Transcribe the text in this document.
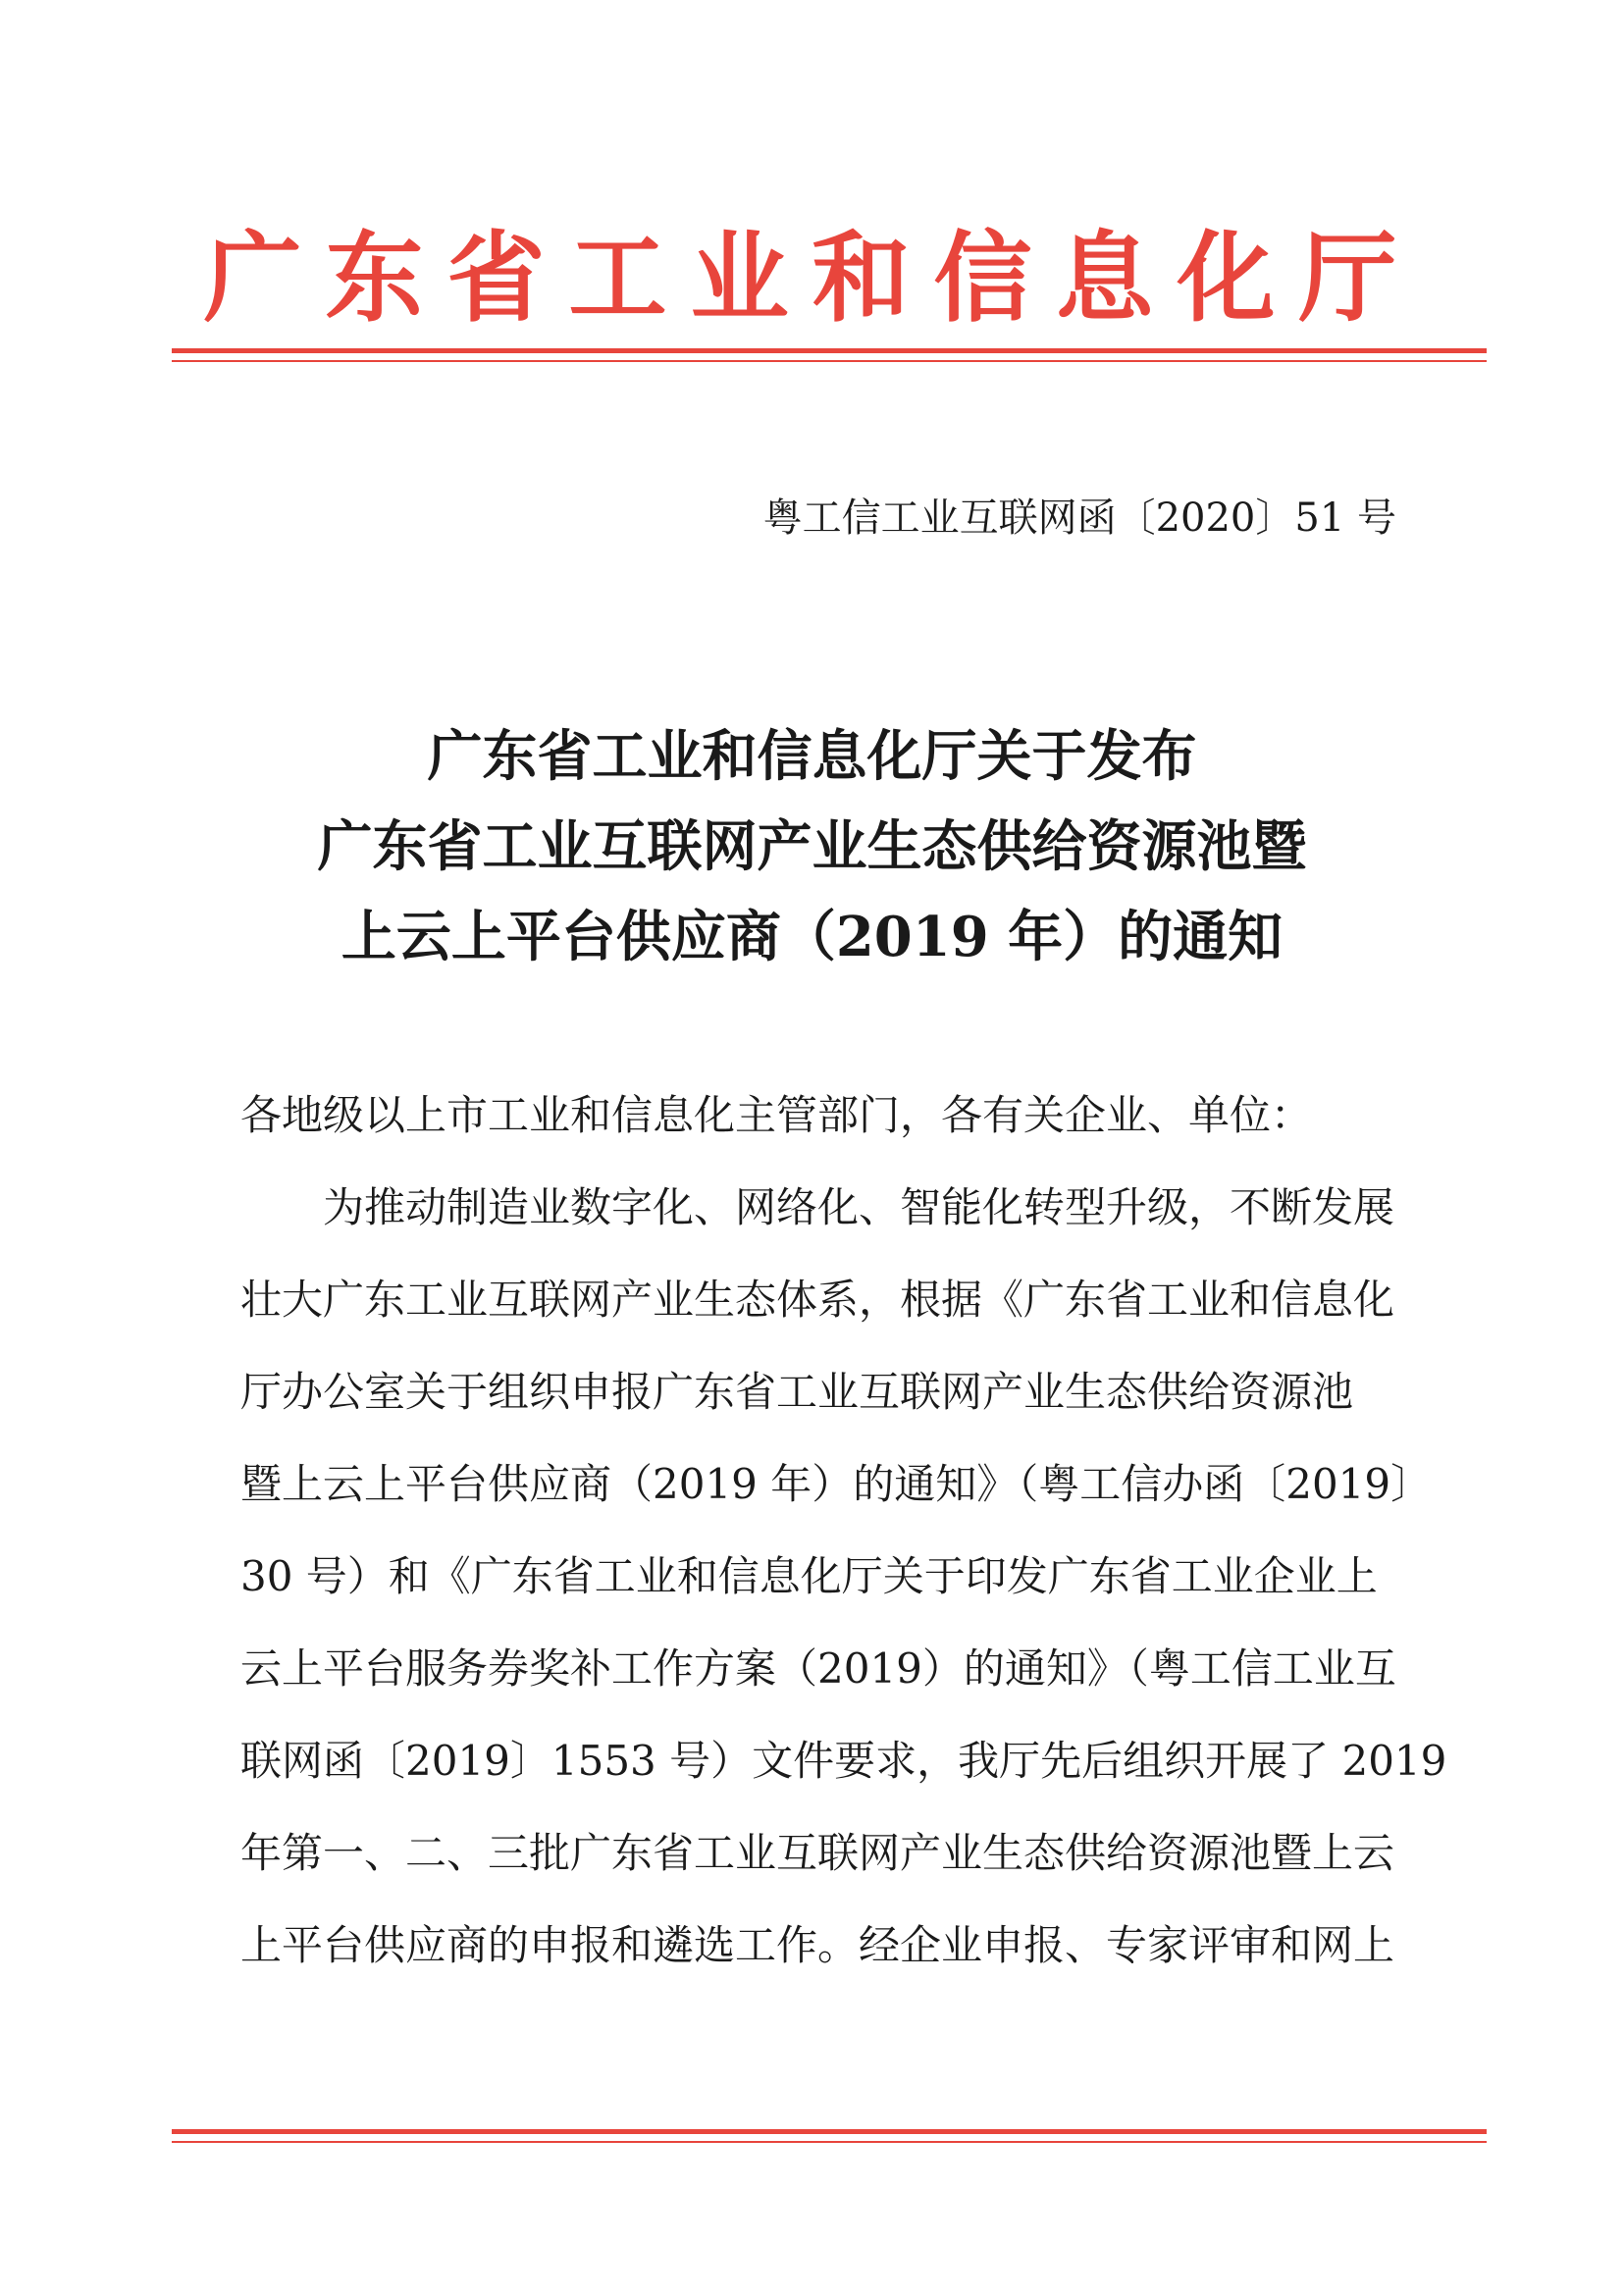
广东省工业和信息化厅
粤工信工业互联网函〔2020〕51 号
广东省工业和信息化厅关于发布
广东省工业互联网产业生态供给资源池暨
上云上平台供应商（2019 年）的通知
各地级以上市工业和信息化主管部门，各有关企业、单位：
为推动制造业数字化、网络化、智能化转型升级，不断发展
壮大广东工业互联网产业生态体系，根据《广东省工业和信息化
厅办公室关于组织申报广东省工业互联网产业生态供给资源池
暨上云上平台供应商（2019 年）的通知》（粤工信办函〔2019〕
30 号）和《广东省工业和信息化厅关于印发广东省工业企业上
云上平台服务券奖补工作方案（2019）的通知》（粤工信工业互
联网函〔2019〕1553 号）文件要求，我厅先后组织开展了 2019
年第一、二、三批广东省工业互联网产业生态供给资源池暨上云
上平台供应商的申报和遴选工作。经企业申报、专家评审和网上
